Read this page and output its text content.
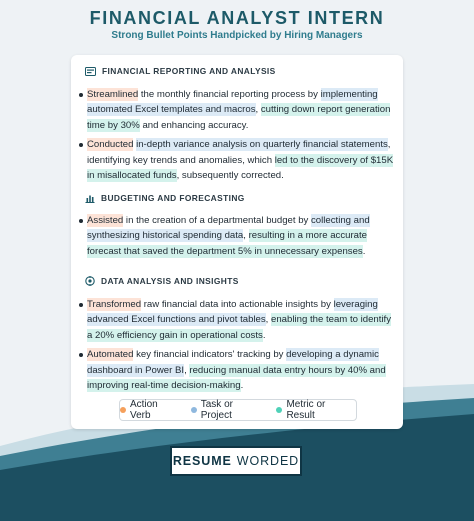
FINANCIAL ANALYST INTERN
Strong Bullet Points Handpicked by Hiring Managers
FINANCIAL REPORTING AND ANALYSIS
Streamlined the monthly financial reporting process by implementing automated Excel templates and macros, cutting down report generation time by 30% and enhancing accuracy.
Conducted in-depth variance analysis on quarterly financial statements, identifying key trends and anomalies, which led to the discovery of $15K in misallocated funds, subsequently corrected.
BUDGETING AND FORECASTING
Assisted in the creation of a departmental budget by collecting and synthesizing historical spending data, resulting in a more accurate forecast that saved the department 5% in unnecessary expenses.
DATA ANALYSIS AND INSIGHTS
Transformed raw financial data into actionable insights by leveraging advanced Excel functions and pivot tables, enabling the team to identify a 20% efficiency gain in operational costs.
Automated key financial indicators' tracking by developing a dynamic dashboard in Power BI, reducing manual data entry hours by 40% and improving real-time decision-making.
Action Verb
Task or Project
Metric or Result
RESUME WORDED
